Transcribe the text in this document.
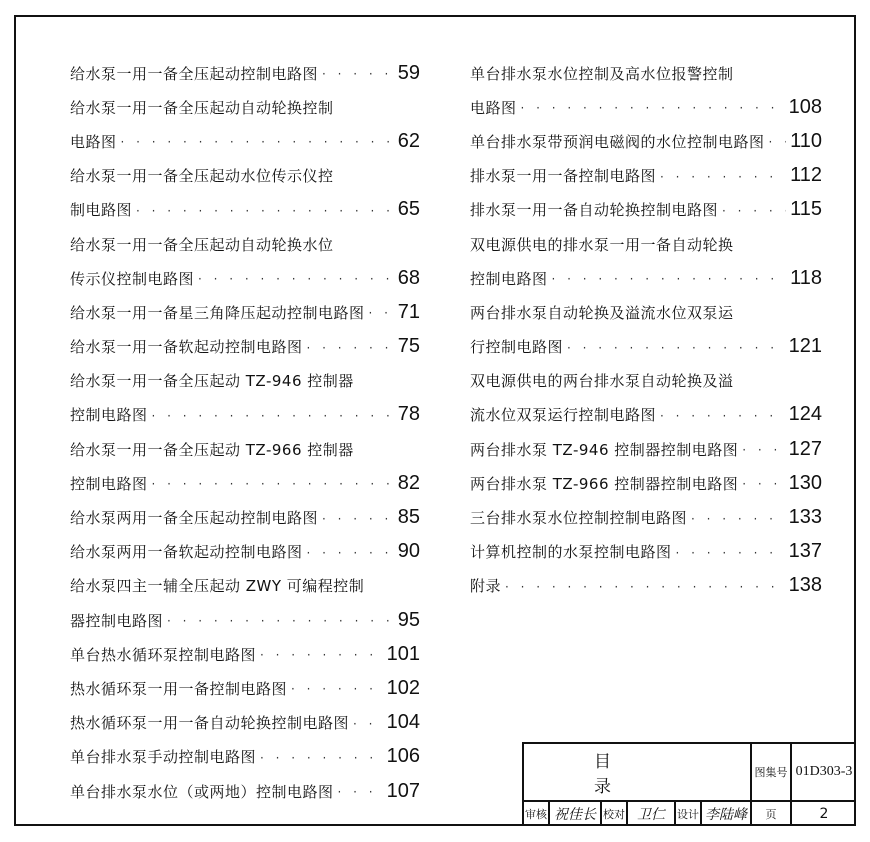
给水泵一用一备全压起动控制电路图 · · ·	59
给水泵一用一备全压起动自动轮换控制
电路图 · · ·	62
给水泵一用一备全压起动水位传示仪控
制电路图 · · ·	65
给水泵一用一备全压起动自动轮换水位
传示仪控制电路图 · · ·	68
给水泵一用一备星三角降压起动控制电路图 · · · 71
给水泵一用一备软起动控制电路图 · · ·	75
给水泵一用一备全压起动 TZ-946 控制器
控制电路图 · · ·	78
给水泵一用一备全压起动 TZ-966 控制器
控制电路图 · · ·	82
给水泵两用一备全压起动控制电路图 · · ·	85
给水泵两用一备软起动控制电路图 · · ·	90
给水泵四主一辅全压起动 ZWY 可编程控制
器控制电路图 · · ·	95
单台热水循环泵控制电路图 · · ·	101
热水循环泵一用一备控制电路图 · · ·	102
热水循环泵一用一备自动轮换控制电路图 · · · 104
单台排水泵手动控制电路图 · · ·	106
单台排水泵水位（或两地）控制电路图 · · ·	107
单台排水泵水位控制及高水位报警控制
电路图 · · ·	108
单台排水泵带预润电磁阀的水位控制电路图 · · · 110
排水泵一用一备控制电路图 · · ·	112
排水泵一用一备自动轮换控制电路图 · · ·	115
双电源供电的排水泵一用一备自动轮换
控制电路图 · · ·	118
两台排水泵自动轮换及溢流水位双泵运
行控制电路图 · · ·	121
双电源供电的两台排水泵自动轮换及溢
流水位双泵运行控制电路图 · · ·	124
两台排水泵 TZ-946 控制器控制电路图 · · ·	127
两台排水泵 TZ-966 控制器控制电路图 · · ·	130
三台排水泵水位控制控制电路图 · · ·	133
计算机控制的水泵控制电路图 · · ·	137
附录 · · ·	138
目录
图集号 01D303-3
审核 祝佳长 校对 卫仁	设计 李陆峰	页	2
